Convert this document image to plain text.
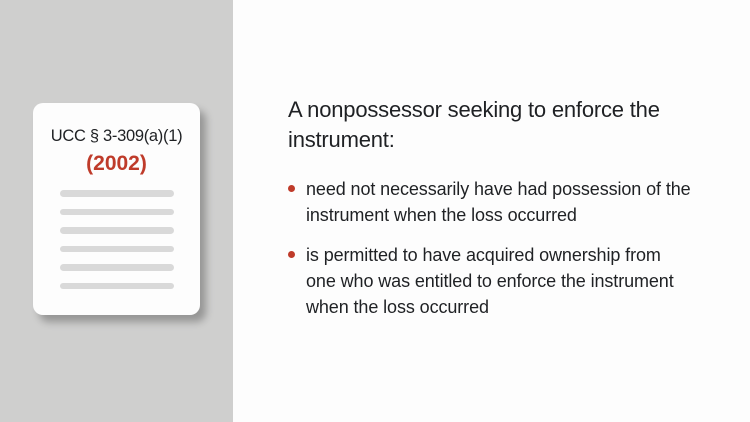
UCC § 3-309(a)(1)
(2002)
A nonpossessor seeking to enforce the instrument:
need not necessarily have had possession of the instrument when the loss occurred
is permitted to have acquired ownership from one who was entitled to enforce the instrument when the loss occurred
